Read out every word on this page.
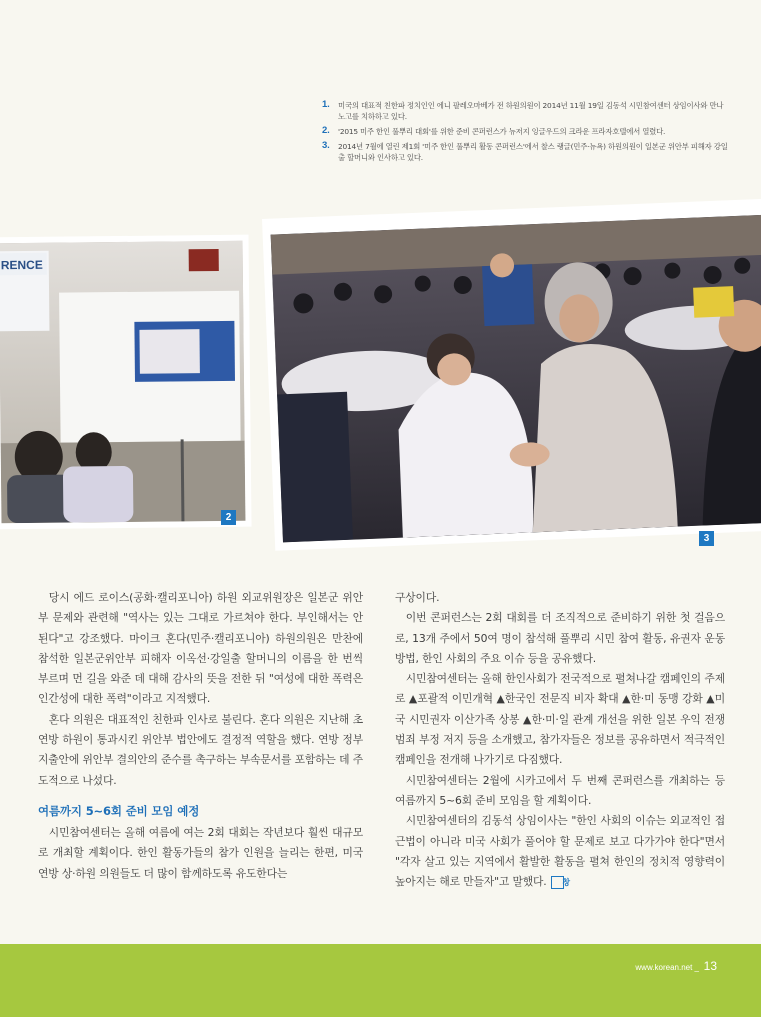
1. 미국의 대표적 친한파 정치인인 에니 팔레오마베가 전 하원의원이 2014년 11월 19일 김동석 시민참여센터 상임이사와 만나 노고를 치하하고 있다.
2. '2015 미주 한인 풀뿌리 대회'를 위한 준비 콘퍼런스가 뉴저지 잉글우드의 크라운 프라자호텔에서 열렸다.
3. 2014년 7월에 열린 제1회 '미주 한인 풀뿌리 활동 콘퍼런스'에서 찰스 랭글(민주·뉴욕) 하원의원이 일본군 위안부 피해자 강일출 할머니와 인사하고 있다.
RENCE
2
3

당시 에드 로이스(공화·캘리포니아) 하원 외교위원장은 일본군 위안부 문제와 관련해 "역사는 있는 그대로 가르쳐야 한다. 부인해서는 안된다"고 강조했다. 마이크 혼다(민주·캘리포니아) 하원의원은 만찬에 참석한 일본군위안부 피해자 이옥선·강일출 할머니의 이름을 한 번씩 부르며 먼 길을 와준 데 대해 감사의 뜻을 전한 뒤 "여성에 대한 폭력은 인간성에 대한 폭력"이라고 지적했다.

혼다 의원은 대표적인 친한파 인사로 불린다. 혼다 의원은 지난해 초 연방 하원이 통과시킨 위안부 법안에도 결정적 역할을 했다. 연방 정부 지출안에 위안부 결의안의 준수를 촉구하는 부속문서를 포함하는 데 주도적으로 나섰다.

여름까지 5~6회 준비 모임 예정

시민참여센터는 올해 여름에 여는 2회 대회는 작년보다 훨씬 대규모로 개최할 계획이다. 한인 활동가들의 참가 인원을 늘리는 한편, 미국 연방 상·하원 의원들도 더 많이 함께하도록 유도한다는

구상이다.

이번 콘퍼런스는 2회 대회를 더 조직적으로 준비하기 위한 첫 걸음으로, 13개 주에서 50여 명이 참석해 풀뿌리 시민 참여 활동, 유권자 운동 방법, 한인 사회의 주요 이슈 등을 공유했다.

시민참여센터는 올해 한인사회가 전국적으로 펼쳐나갈 캠페인의 주제로 ▲포괄적 이민개혁 ▲한국인 전문직 비자 확대 ▲한·미 동맹 강화 ▲미국 시민권자 이산가족 상봉 ▲한·미·일 관계 개선을 위한 일본 우익 전쟁범죄 부정 저지 등을 소개했고, 참가자들은 정보를 공유하면서 적극적인 캠페인을 전개해 나가기로 다짐했다.

시민참여센터는 2월에 시카고에서 두 번째 콘퍼런스를 개최하는 등 여름까지 5~6회 준비 모임을 할 계획이다.

시민참여센터의 김동석 상임이사는 "한인 사회의 이슈는 외교적인 접근법이 아니라 미국 사회가 풀어야 할 문제로 보고 다가가야 한다"면서 "각자 살고 있는 지역에서 활발한 활동을 펼쳐 한인의 정치적 영향력이 높아지는 해로 만들자"고 말했다. 창

www.korean.net _ 13
